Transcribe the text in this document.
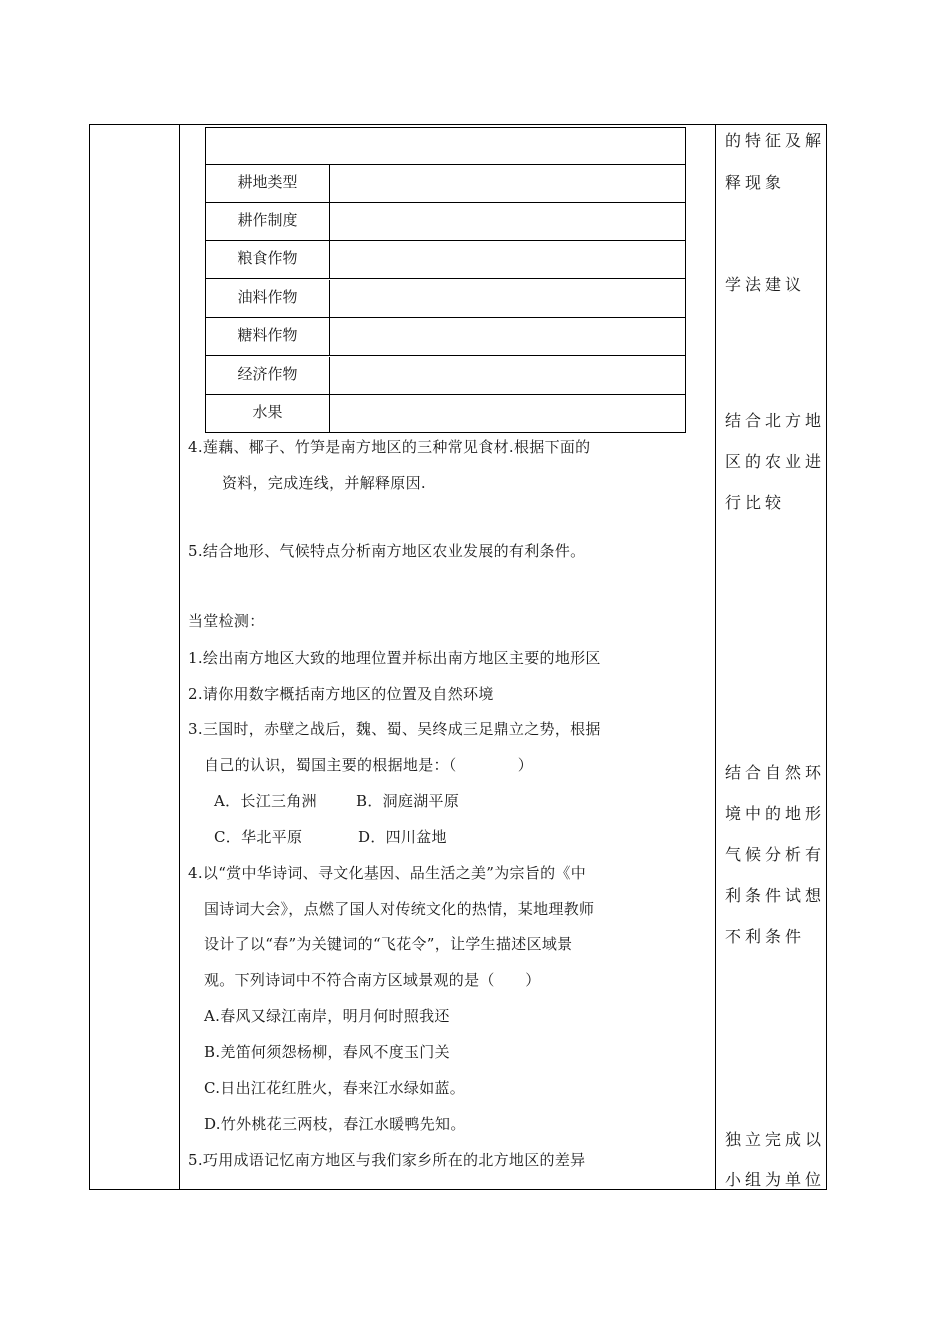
耕地类型
耕作制度
粮食作物
油料作物
糖料作物
经济作物
水果
4.莲藕、椰子、竹笋是南方地区的三种常见食材.根据下面的
资料，完成连线，并解释原因.
5.结合地形、气候特点分析南方地区农业发展的有利条件。
当堂检测：
1.绘出南方地区大致的地理位置并标出南方地区主要的地形区
2.请你用数字概括南方地区的位置及自然环境
3.三国时，赤壁之战后，魏、蜀、吴终成三足鼎立之势，根据
自己的认识，蜀国主要的根据地是：（　　　　）
A．长江三角洲	B．洞庭湖平原
C．华北平原	D．四川盆地
4.以“赏中华诗词、寻文化基因、品生活之美”为宗旨的《中
国诗词大会》，点燃了国人对传统文化的热情，某地理教师
设计了以“春”为关键词的“飞花令”，让学生描述区域景
观。下列诗词中不符合南方区域景观的是（　　）
A.春风又绿江南岸，明月何时照我还
B.羌笛何须怨杨柳，春风不度玉门关
C.日出江花红胜火，春来江水绿如蓝。
D.竹外桃花三两枝，春江水暖鸭先知。
5.巧用成语记忆南方地区与我们家乡所在的北方地区的差异
的特征及解
释现象
学法建议
结合北方地
区的农业进
行比较
结合自然环
境中的地形
气候分析有
利条件试想
不利条件
独立完成以
小组为单位
